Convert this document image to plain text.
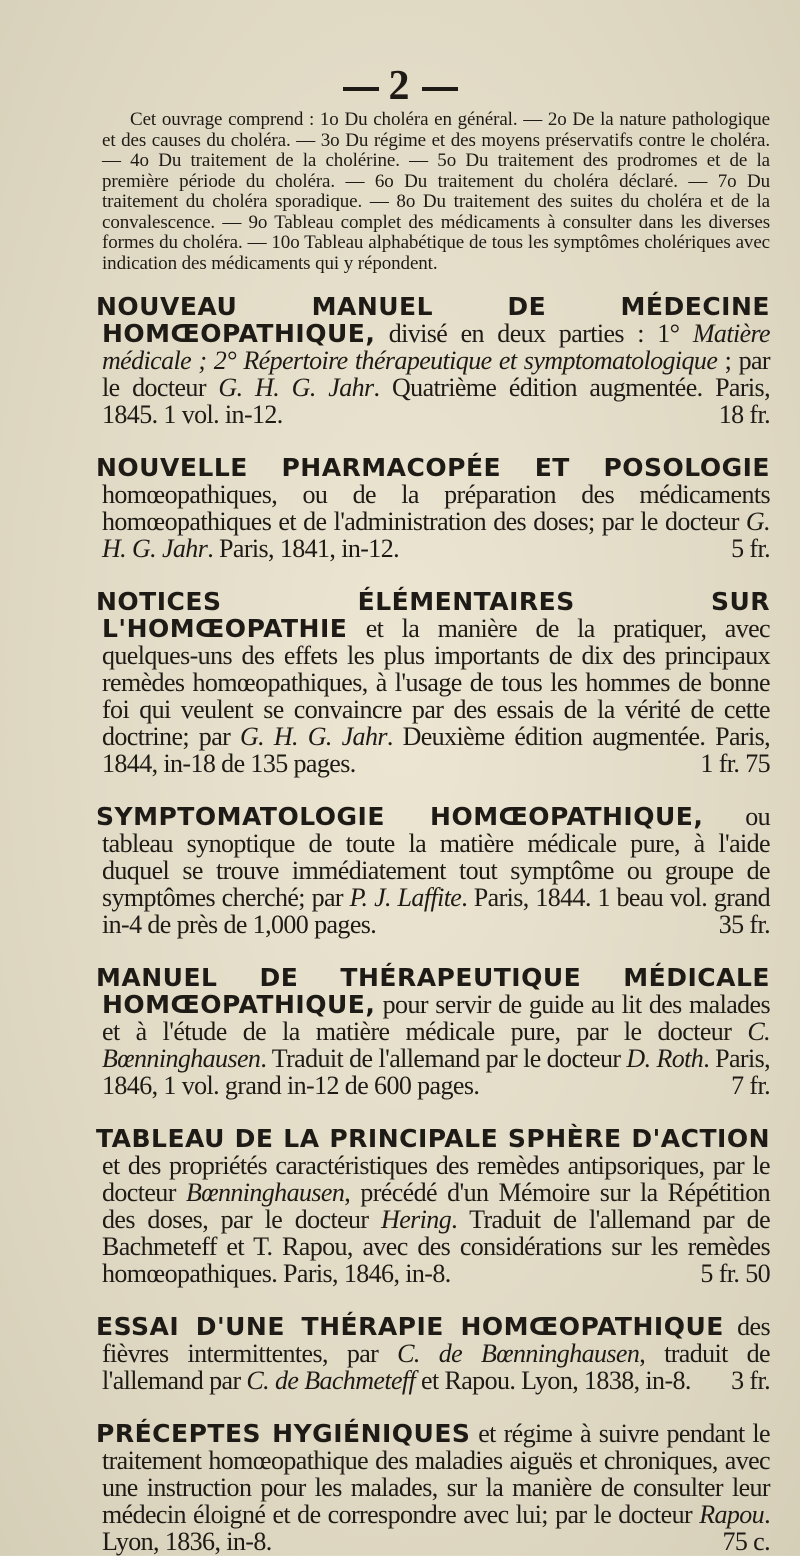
2

Cet ouvrage comprend : 1o Du choléra en général. — 2o De la nature pathologique et des causes du choléra. — 3o Du régime et des moyens préservatifs contre le choléra. — 4o Du traitement de la cholérine. — 5o Du traitement des prodromes et de la première période du choléra. — 6o Du traitement du choléra déclaré. — 7o Du traitement du choléra sporadique. — 8o Du traitement des suites du choléra et de la convalescence. — 9o Tableau complet des médicaments à consulter dans les diverses formes du choléra. — 10o Tableau alphabétique de tous les symptômes cholériques avec indication des médicaments qui y répondent.

NOUVEAU MANUEL DE MÉDECINE HOMŒOPATHIQUE, divisé en deux parties : 1° Matière médicale ; 2° Répertoire thérapeutique et symptomatologique ; par le docteur G. H. G. Jahr. Quatrième édition augmentée. Paris, 1845. 1 vol. in-12.	18 fr.

NOUVELLE PHARMACOPÉE ET POSOLOGIE homœopathiques, ou de la préparation des médicaments homœopathiques et de l'administration des doses; par le docteur G. H. G. Jahr. Paris, 1841, in-12.	5 fr.

NOTICES ÉLÉMENTAIRES SUR L'HOMŒOPATHIE et la manière de la pratiquer, avec quelques-uns des effets les plus importants de dix des principaux remèdes homœopathiques, à l'usage de tous les hommes de bonne foi qui veulent se convaincre par des essais de la vérité de cette doctrine; par G. H. G. Jahr. Deuxième édition augmentée. Paris, 1844, in-18 de 135 pages.	1 fr. 75

SYMPTOMATOLOGIE HOMŒOPATHIQUE, ou tableau synoptique de toute la matière médicale pure, à l'aide duquel se trouve immédiatement tout symptôme ou groupe de symptômes cherché; par P. J. Laffite. Paris, 1844. 1 beau vol. grand in-4 de près de 1,000 pages.	35 fr.

MANUEL DE THÉRAPEUTIQUE MÉDICALE HOMŒOPATHIQUE, pour servir de guide au lit des malades et à l'étude de la matière médicale pure, par le docteur C. Bœnninghausen. Traduit de l'allemand par le docteur D. Roth. Paris, 1846, 1 vol. grand in-12 de 600 pages.	7 fr.

TABLEAU DE LA PRINCIPALE SPHÈRE D'ACTION et des propriétés caractéristiques des remèdes antipsoriques, par le docteur Bœnninghausen, précédé d'un Mémoire sur la Répétition des doses, par le docteur Hering. Traduit de l'allemand par de Bachmeteff et T. Rapou, avec des considérations sur les remèdes homœopathiques. Paris, 1846, in-8.	5 fr. 50

ESSAI D'UNE THÉRAPIE HOMŒOPATHIQUE des fièvres intermittentes, par C. de Bœnninghausen, traduit de l'allemand par C. de Bachmeteff et Rapou. Lyon, 1838, in-8. 3 fr.

PRÉCEPTES HYGIÉNIQUES et régime à suivre pendant le traitement homœopathique des maladies aiguës et chroniques, avec une instruction pour les malades, sur la manière de consulter leur médecin éloigné et de correspondre avec lui; par le docteur Rapou. Lyon, 1836, in-8.	75 c.
